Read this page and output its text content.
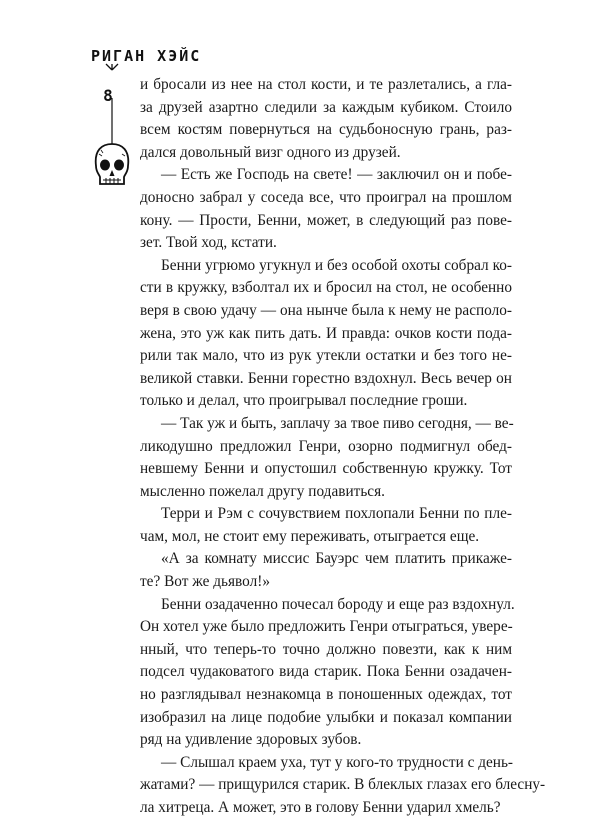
РИГАН ХЭЙС
8
и бросали из нее на стол кости, и те разлетались, а гла-
за друзей азартно следили за каждым кубиком. Стоило
всем костям повернуться на судьбоносную грань, раз-
дался довольный визг одного из друзей.
— Есть же Господь на свете! — заключил он и побе-
доносно забрал у соседа все, что проиграл на прошлом
кону. — Прости, Бенни, может, в следующий раз пове-
зет. Твой ход, кстати.
Бенни угрюмо угукнул и без особой охоты собрал ко-
сти в кружку, взболтал их и бросил на стол, не особенно
веря в свою удачу — она нынче была к нему не располо-
жена, это уж как пить дать. И правда: очков кости пода-
рили так мало, что из рук утекли остатки и без того не-
великой ставки. Бенни горестно вздохнул. Весь вечер он
только и делал, что проигрывал последние гроши.
— Так уж и быть, заплачу за твое пиво сегодня, — ве-
ликодушно предложил Генри, озорно подмигнул обед-
невшему Бенни и опустошил собственную кружку. Тот
мысленно пожелал другу подавиться.
Терри и Рэм с сочувствием похлопали Бенни по пле-
чам, мол, не стоит ему переживать, отыграется еще.
«А за комнату миссис Бауэрс чем платить прикаже-
те? Вот же дьявол!»
Бенни озадаченно почесал бороду и еще раз вздохнул.
Он хотел уже было предложить Генри отыграться, увере-
нный, что теперь-то точно должно повезти, как к ним
подсел чудаковатого вида старик. Пока Бенни озадачен-
но разглядывал незнакомца в поношенных одеждах, тот
изобразил на лице подобие улыбки и показал компании
ряд на удивление здоровых зубов.
— Слышал краем уха, тут у кого-то трудности с день-
жатами? — прищурился старик. В блеклых глазах его блесну-
ла хитреца. А может, это в голову Бенни ударил хмель?
